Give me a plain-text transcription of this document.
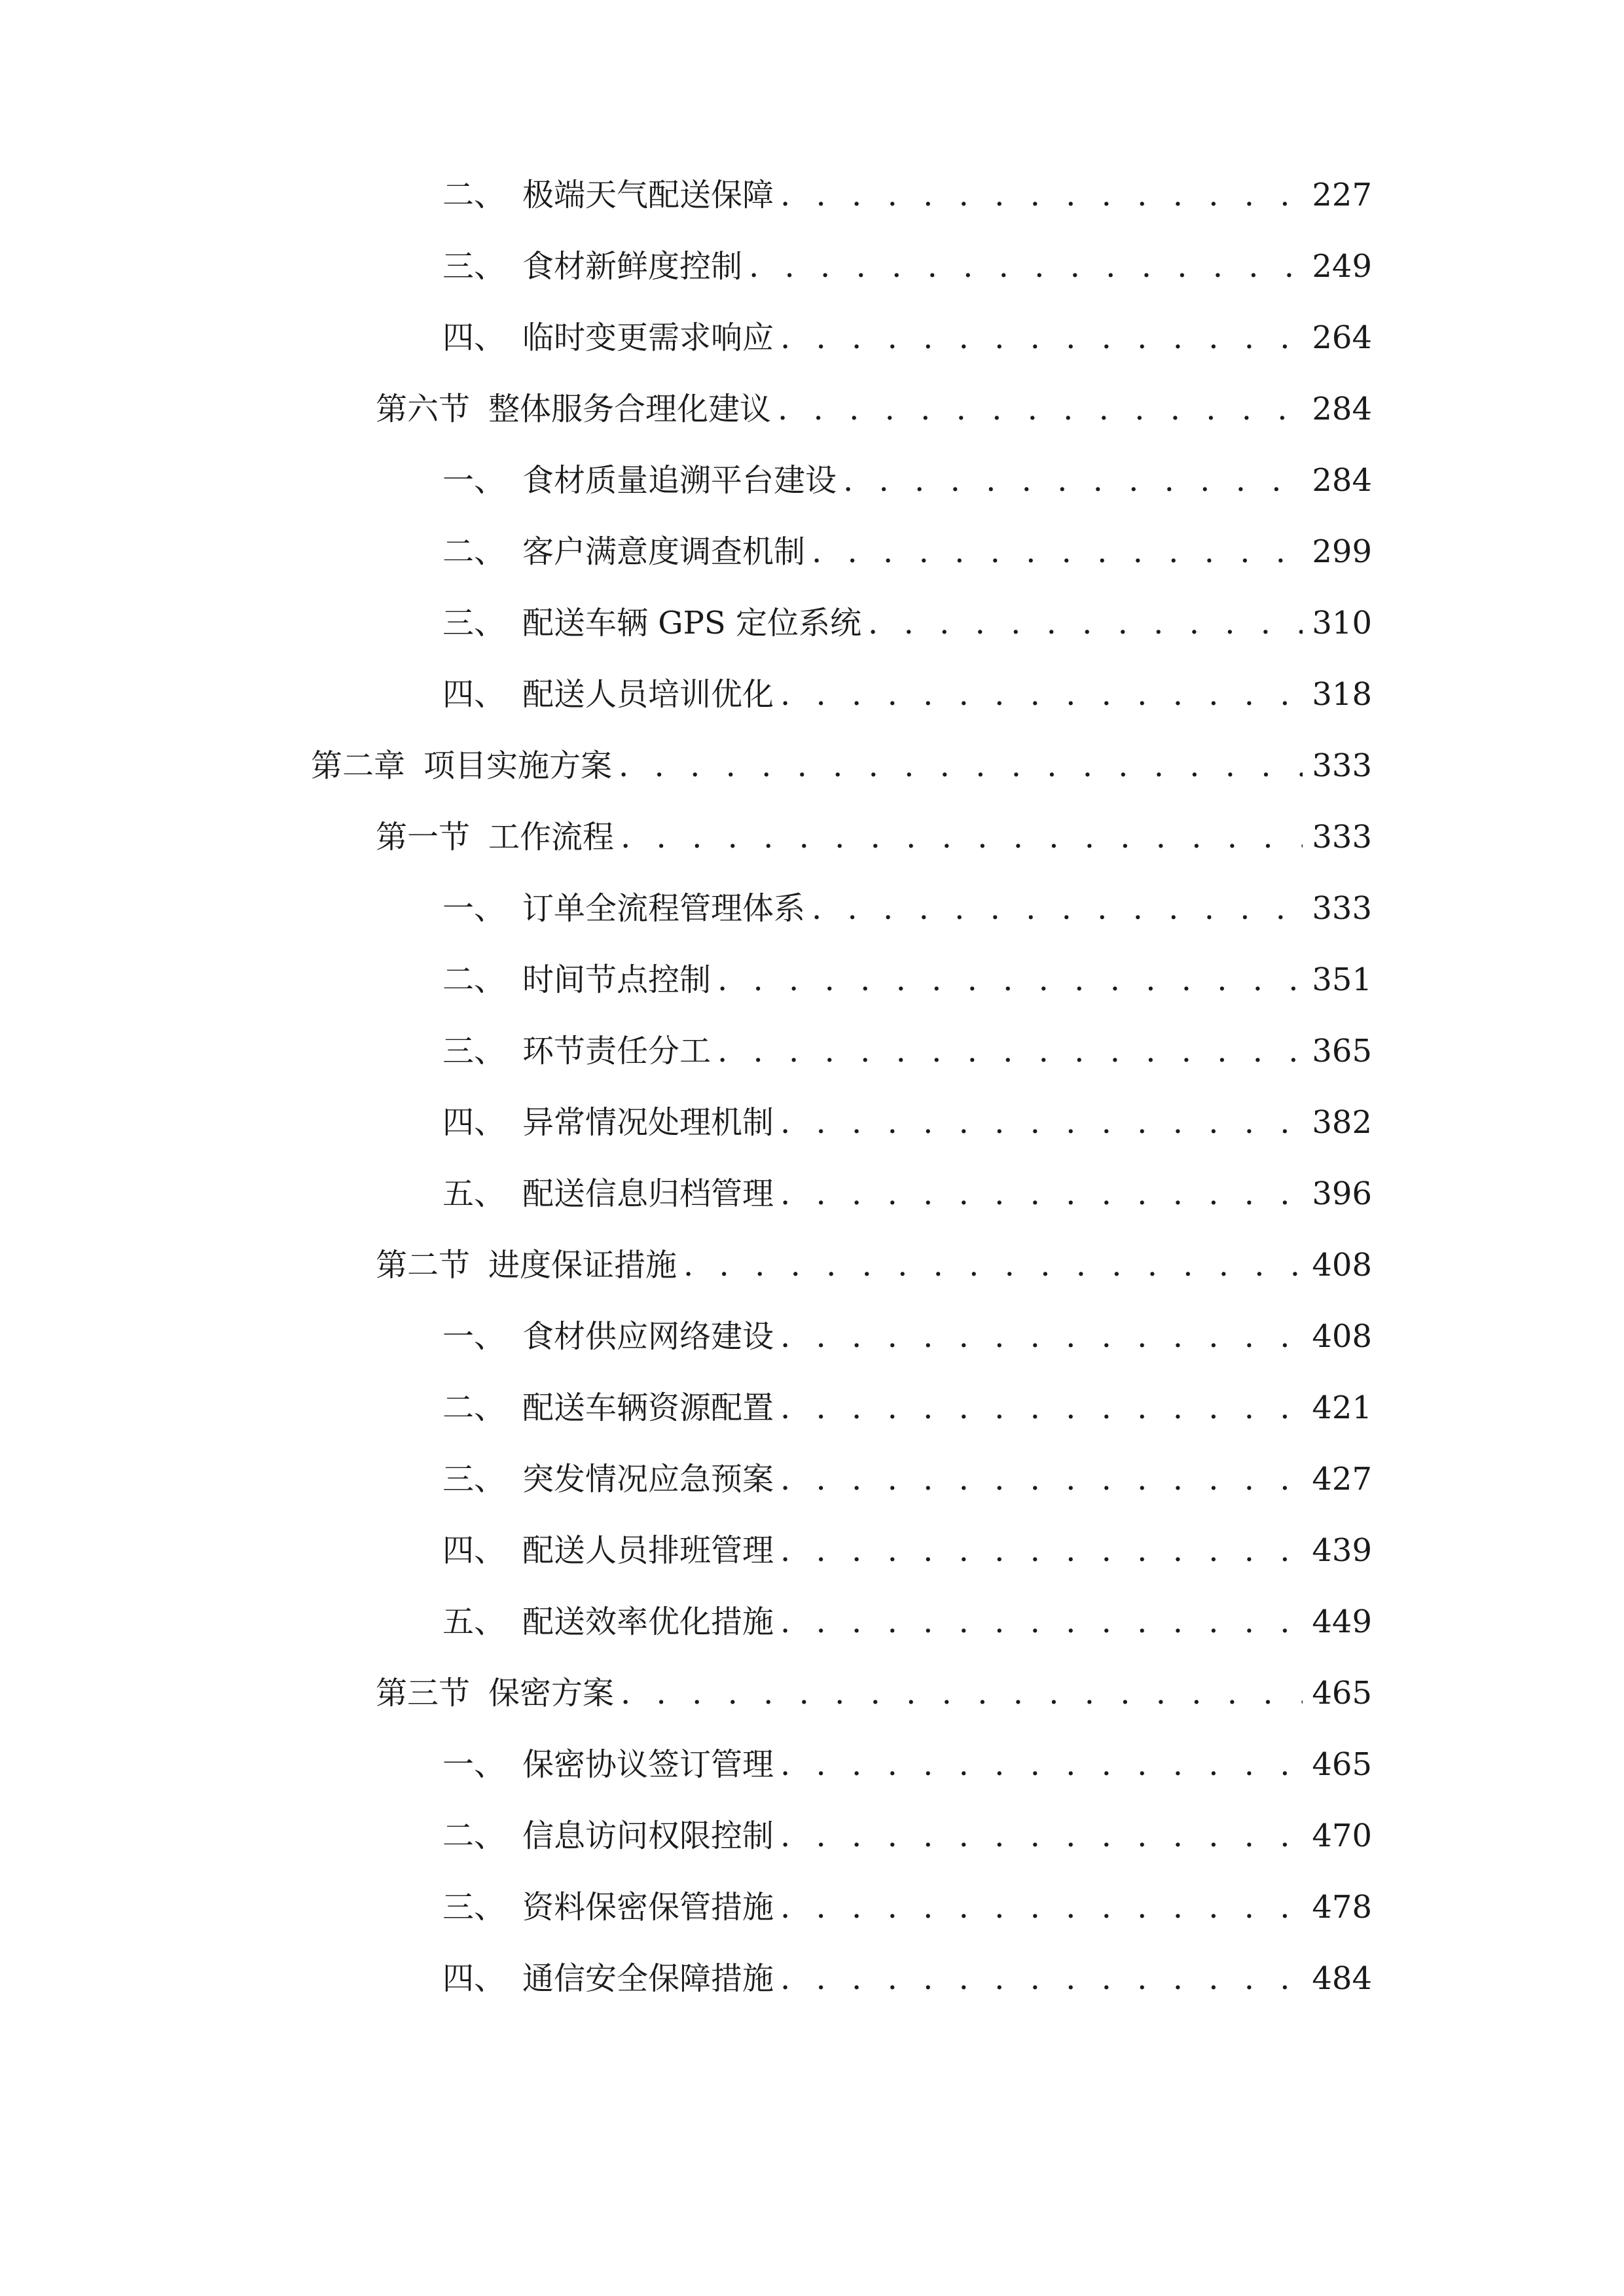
二、 极端天气配送保障 . . .	227
三、 食材新鲜度控制 . . .	249
四、 临时变更需求响应 . . .	264
第六节 整体服务合理化建议 . . .	284
一、 食材质量追溯平台建设 . . .	284
二、 客户满意度调查机制 . . .	299
三、 配送车辆 GPS 定位系统 . . .	310
四、 配送人员培训优化 . . .	318
第二章 项目实施方案 . . .	333
第一节 工作流程 . . .	333
一、 订单全流程管理体系 . . .	333
二、 时间节点控制 . . .	351
三、 环节责任分工 . . .	365
四、 异常情况处理机制 . . .	382
五、 配送信息归档管理 . . .	396
第二节 进度保证措施 . . .	408
一、 食材供应网络建设 . . .	408
二、 配送车辆资源配置 . . .	421
三、 突发情况应急预案 . . .	427
四、 配送人员排班管理 . . .	439
五、 配送效率优化措施 . . .	449
第三节 保密方案 . . .	465
一、 保密协议签订管理 . . .	465
二、 信息访问权限控制 . . .	470
三、 资料保密保管措施 . . .	478
四、 通信安全保障措施 . . .	484
